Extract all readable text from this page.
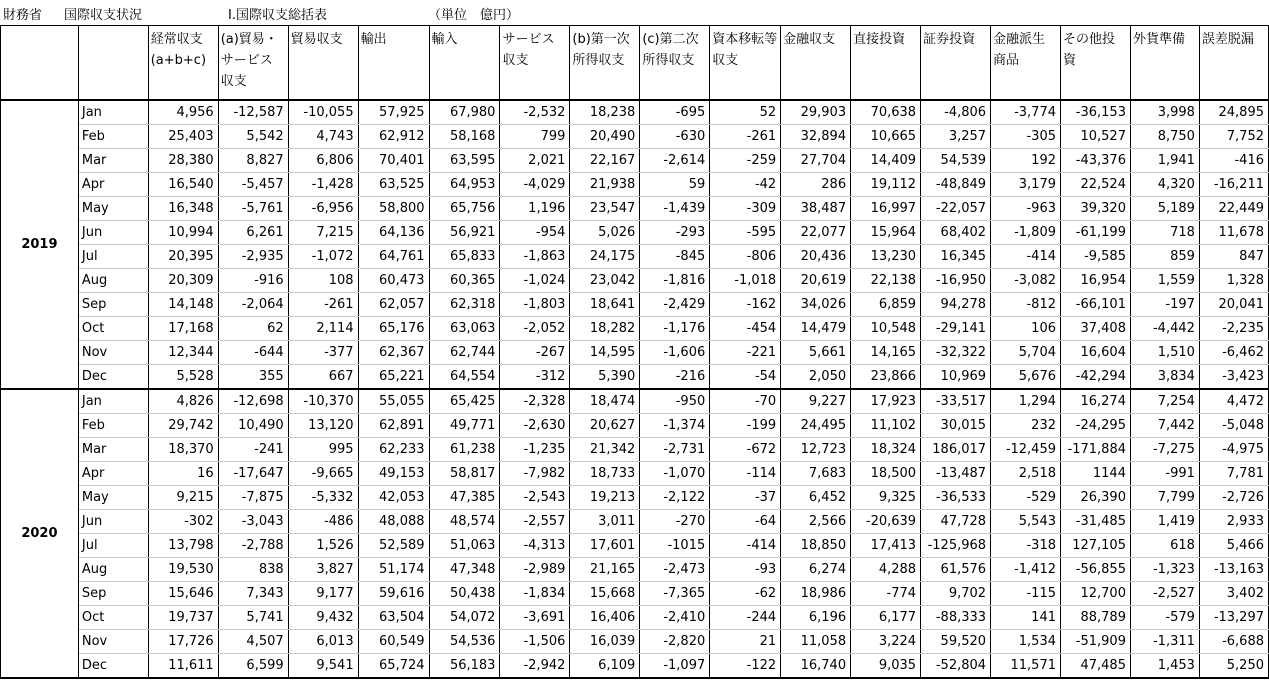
財務省 国際収支状況	Ⅰ.国際収支総括表	（単位　億円）
		経常収支(a+b+c)	(a)貿易・サービス収支	貿易収支	輸出	輸入	サービス収支	(b)第一次所得収支	(c)第二次所得収支	資本移転等収支	金融収支	直接投資	証券投資	金融派生商品	その他投資	外貨準備	誤差脱漏
2019	Jan	4,956	-12,587	-10,055	57,925	67,980	-2,532	18,238	-695	52	29,903	70,638	-4,806	-3,774	-36,153	3,998	24,895
	Feb	25,403	5,542	4,743	62,912	58,168	799	20,490	-630	-261	32,894	10,665	3,257	-305	10,527	8,750	7,752
	Mar	28,380	8,827	6,806	70,401	63,595	2,021	22,167	-2,614	-259	27,704	14,409	54,539	192	-43,376	1,941	-416
	Apr	16,540	-5,457	-1,428	63,525	64,953	-4,029	21,938	59	-42	286	19,112	-48,849	3,179	22,524	4,320	-16,211
	May	16,348	-5,761	-6,956	58,800	65,756	1,196	23,547	-1,439	-309	38,487	16,997	-22,057	-963	39,320	5,189	22,449
	Jun	10,994	6,261	7,215	64,136	56,921	-954	5,026	-293	-595	22,077	15,964	68,402	-1,809	-61,199	718	11,678
	Jul	20,395	-2,935	-1,072	64,761	65,833	-1,863	24,175	-845	-806	20,436	13,230	16,345	-414	-9,585	859	847
	Aug	20,309	-916	108	60,473	60,365	-1,024	23,042	-1,816	-1,018	20,619	22,138	-16,950	-3,082	16,954	1,559	1,328
	Sep	14,148	-2,064	-261	62,057	62,318	-1,803	18,641	-2,429	-162	34,026	6,859	94,278	-812	-66,101	-197	20,041
	Oct	17,168	62	2,114	65,176	63,063	-2,052	18,282	-1,176	-454	14,479	10,548	-29,141	106	37,408	-4,442	-2,235
	Nov	12,344	-644	-377	62,367	62,744	-267	14,595	-1,606	-221	5,661	14,165	-32,322	5,704	16,604	1,510	-6,462
	Dec	5,528	355	667	65,221	64,554	-312	5,390	-216	-54	2,050	23,866	10,969	5,676	-42,294	3,834	-3,423
2020	Jan	4,826	-12,698	-10,370	55,055	65,425	-2,328	18,474	-950	-70	9,227	17,923	-33,517	1,294	16,274	7,254	4,472
	Feb	29,742	10,490	13,120	62,891	49,771	-2,630	20,627	-1,374	-199	24,495	11,102	30,015	232	-24,295	7,442	-5,048
	Mar	18,370	-241	995	62,233	61,238	-1,235	21,342	-2,731	-672	12,723	18,324	186,017	-12,459	-171,884	-7,275	-4,975
	Apr	16	-17,647	-9,665	49,153	58,817	-7,982	18,733	-1,070	-114	7,683	18,500	-13,487	2,518	1144	-991	7,781
	May	9,215	-7,875	-5,332	42,053	47,385	-2,543	19,213	-2,122	-37	6,452	9,325	-36,533	-529	26,390	7,799	-2,726
	Jun	-302	-3,043	-486	48,088	48,574	-2,557	3,011	-270	-64	2,566	-20,639	47,728	5,543	-31,485	1,419	2,933
	Jul	13,798	-2,788	1,526	52,589	51,063	-4,313	17,601	-1015	-414	18,850	17,413	-125,968	-318	127,105	618	5,466
	Aug	19,530	838	3,827	51,174	47,348	-2,989	21,165	-2,473	-93	6,274	4,288	61,576	-1,412	-56,855	-1,323	-13,163
	Sep	15,646	7,343	9,177	59,616	50,438	-1,834	15,668	-7,365	-62	18,986	-774	9,702	-115	12,700	-2,527	3,402
	Oct	19,737	5,741	9,432	63,504	54,072	-3,691	16,406	-2,410	-244	6,196	6,177	-88,333	141	88,789	-579	-13,297
	Nov	17,726	4,507	6,013	60,549	54,536	-1,506	16,039	-2,820	21	11,058	3,224	59,520	1,534	-51,909	-1,311	-6,688
	Dec	11,611	6,599	9,541	65,724	56,183	-2,942	6,109	-1,097	-122	16,740	9,035	-52,804	11,571	47,485	1,453	5,250
